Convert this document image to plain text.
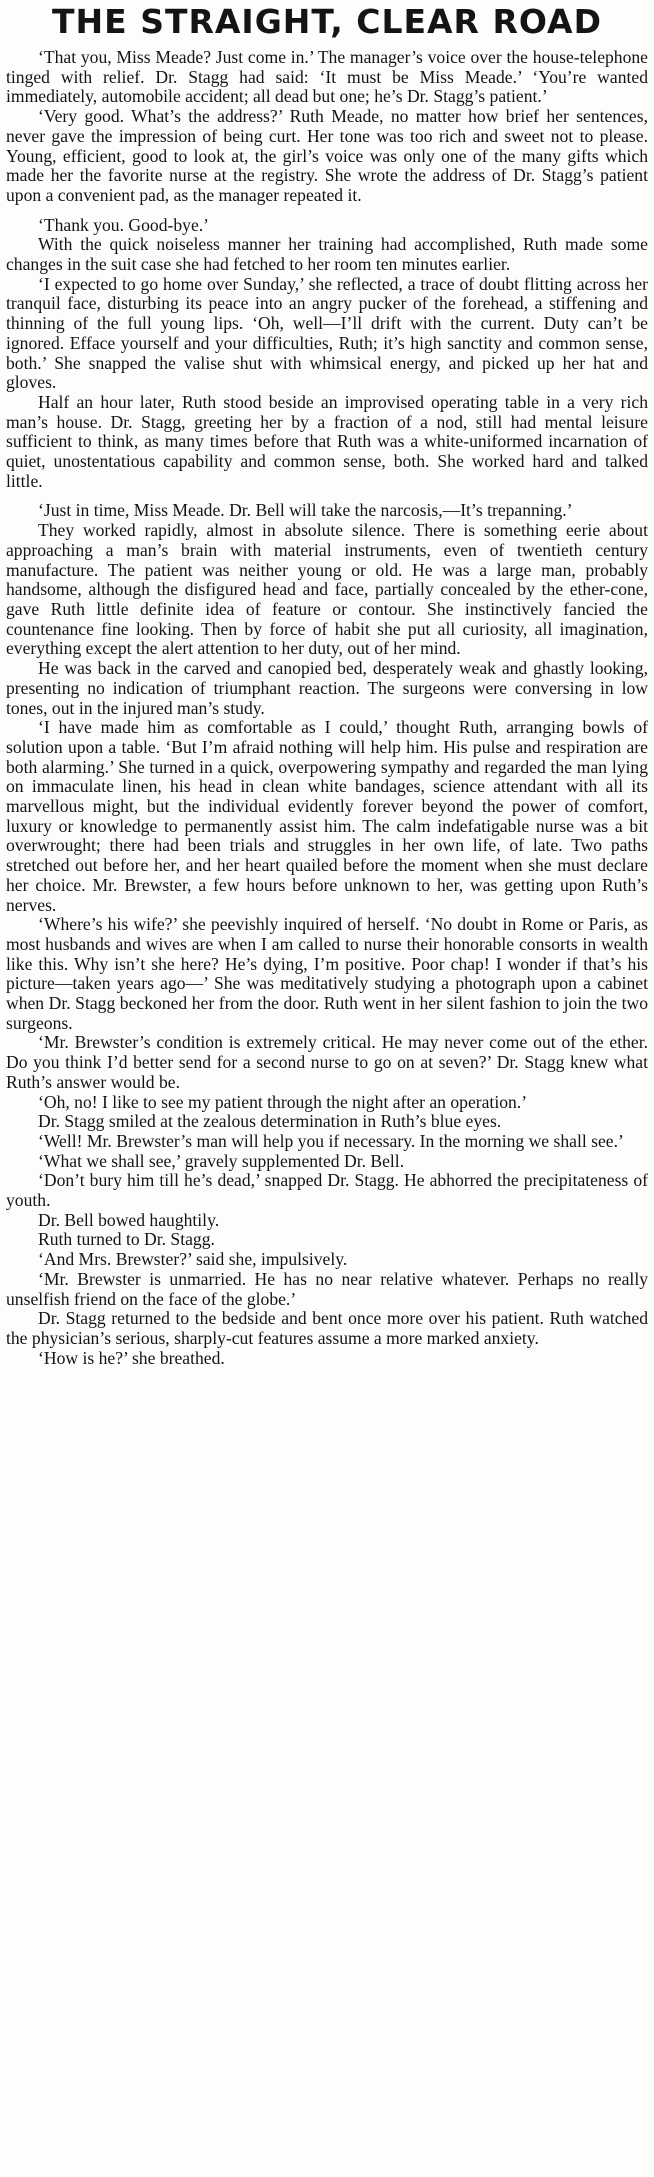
THE STRAIGHT, CLEAR ROAD

‘That you, Miss Meade? Just come in.’ The manager’s voice over the house-telephone tinged with relief. Dr. Stagg had said: ‘It must be Miss Meade.’ ‘You’re wanted immediately, automobile accident; all dead but one; he’s Dr. Stagg’s patient.’

‘Very good. What’s the address?’ Ruth Meade, no matter how brief her sentences, never gave the impression of being curt. Her tone was too rich and sweet not to please. Young, efficient, good to look at, the girl’s voice was only one of the many gifts which made her the favorite nurse at the registry. She wrote the address of Dr. Stagg’s patient upon a convenient pad, as the manager repeated it.

‘Thank you. Good-bye.’

With the quick noiseless manner her training had accomplished, Ruth made some changes in the suit case she had fetched to her room ten minutes earlier.

‘I expected to go home over Sunday,’ she reflected, a trace of doubt flitting across her tranquil face, disturbing its peace into an angry pucker of the forehead, a stiffening and thinning of the full young lips. ‘Oh, well—I’ll drift with the current. Duty can’t be ignored. Efface yourself and your difficulties, Ruth; it’s high sanctity and common sense, both.’ She snapped the valise shut with whimsical energy, and picked up her hat and gloves.

Half an hour later, Ruth stood beside an improvised operating table in a very rich man’s house. Dr. Stagg, greeting her by a fraction of a nod, still had mental leisure sufficient to think, as many times before that Ruth was a white-uniformed incarnation of quiet, unostentatious capability and common sense, both. She worked hard and talked little.

‘Just in time, Miss Meade. Dr. Bell will take the narcosis,—It’s trepanning.’

They worked rapidly, almost in absolute silence. There is something eerie about approaching a man’s brain with material instruments, even of twentieth century manufacture. The patient was neither young or old. He was a large man, probably handsome, although the disfigured head and face, partially concealed by the ether-cone, gave Ruth little definite idea of feature or contour. She instinctively fancied the countenance fine looking. Then by force of habit she put all curiosity, all imagination, everything except the alert attention to her duty, out of her mind.

He was back in the carved and canopied bed, desperately weak and ghastly looking, presenting no indication of triumphant reaction. The surgeons were conversing in low tones, out in the injured man’s study.

‘I have made him as comfortable as I could,’ thought Ruth, arranging bowls of solution upon a table. ‘But I’m afraid nothing will help him. His pulse and respiration are both alarming.’ She turned in a quick, overpowering sympathy and regarded the man lying on immaculate linen, his head in clean white bandages, science attendant with all its marvellous might, but the individual evidently forever beyond the power of comfort, luxury or knowledge to permanently assist him. The calm indefatigable nurse was a bit overwrought; there had been trials and struggles in her own life, of late. Two paths stretched out before her, and her heart quailed before the moment when she must declare her choice. Mr. Brewster, a few hours before unknown to her, was getting upon Ruth’s nerves.

‘Where’s his wife?’ she peevishly inquired of herself. ‘No doubt in Rome or Paris, as most husbands and wives are when I am called to nurse their honorable consorts in wealth like this. Why isn’t she here? He’s dying, I’m positive. Poor chap! I wonder if that’s his picture—taken years ago—’ She was meditatively studying a photograph upon a cabinet when Dr. Stagg beckoned her from the door. Ruth went in her silent fashion to join the two surgeons.

‘Mr. Brewster’s condition is extremely critical. He may never come out of the ether. Do you think I’d better send for a second nurse to go on at seven?’ Dr. Stagg knew what Ruth’s answer would be.

‘Oh, no! I like to see my patient through the night after an operation.’

Dr. Stagg smiled at the zealous determination in Ruth’s blue eyes.

‘Well! Mr. Brewster’s man will help you if necessary. In the morning we shall see.’

‘What we shall see,’ gravely supplemented Dr. Bell.

‘Don’t bury him till he’s dead,’ snapped Dr. Stagg. He abhorred the precipitateness of youth.

Dr. Bell bowed haughtily.

Ruth turned to Dr. Stagg.

‘And Mrs. Brewster?’ said she, impulsively.

‘Mr. Brewster is unmarried. He has no near relative whatever. Perhaps no really unselfish friend on the face of the globe.’

Dr. Stagg returned to the bedside and bent once more over his patient. Ruth watched the physician’s serious, sharply-cut features assume a more marked anxiety.

‘How is he?’ she breathed.
